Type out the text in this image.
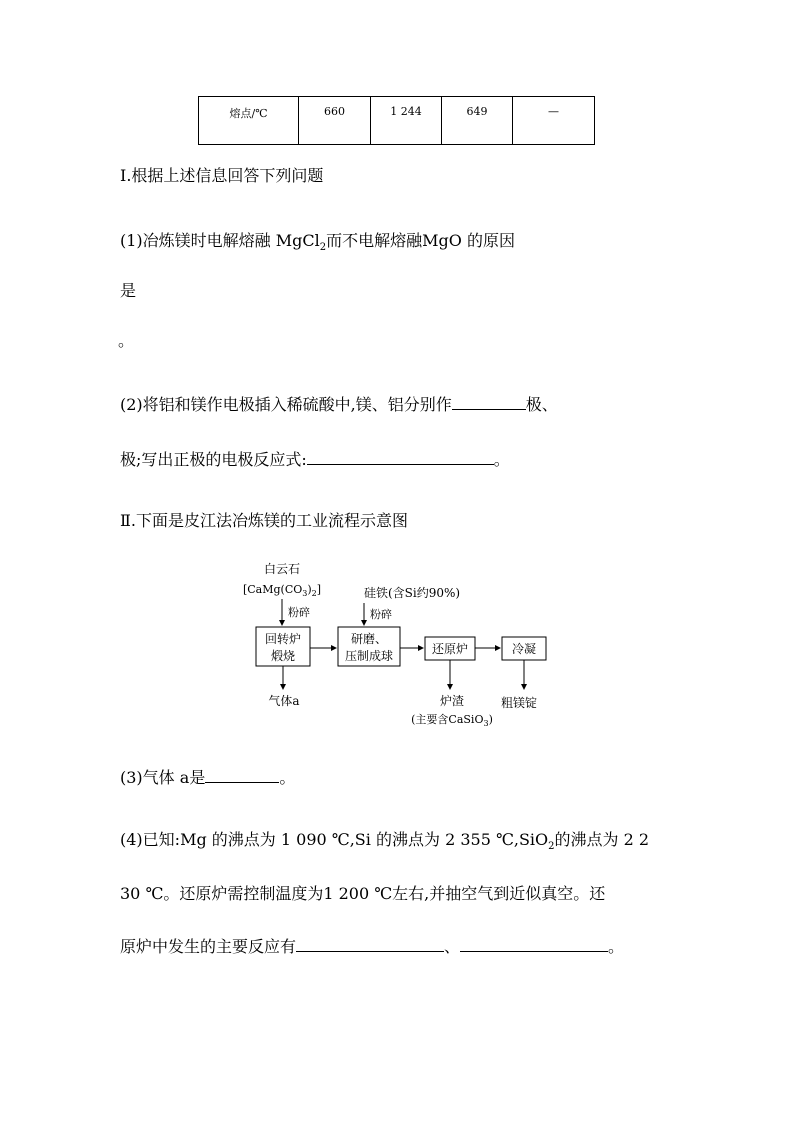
熔点/℃	660	1 244	649	—
Ⅰ.根据上述信息回答下列问题
(1)冶炼镁时电解熔融 MgCl$_2$而不电解熔融MgO 的原因
是
。
(2)将铝和镁作电极插入稀硫酸中,镁、铝分别作	极、
极;写出正极的电极反应式:	。
Ⅱ.下面是皮江法冶炼镁的工业流程示意图
白云石
$[CaMg(CO_3)_2]$
粉碎
硅铁(含Si约90%)
粉碎
回转炉
煅烧
气体a
研磨、
压制成球	还原炉
炉渣
(主要含CaSiO$_3$)
冷凝
粗镁锭
(3)气体 a是	。
(4)已知:Mg 的沸点为 1 090 ℃,Si 的沸点为 2 355 ℃,SiO$_2$的沸点为 2 2
30 ℃。还原炉需控制温度为1 200 ℃左右,并抽空气到近似真空。还
原炉中发生的主要反应有	、	。
